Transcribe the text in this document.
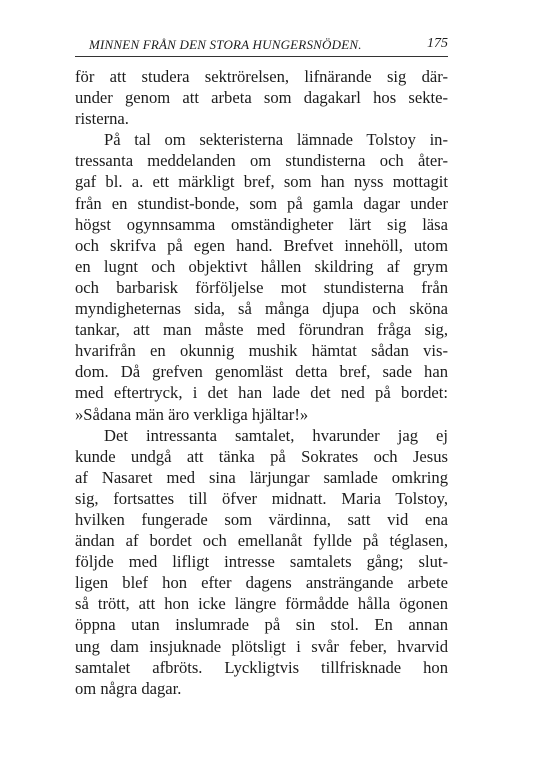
MINNEN FRÅN DEN STORA HUNGERSNÖDEN.	175
för att studera sektrörelsen, lifnärande sig där-
under genom att arbeta som dagakarl hos sekte-
risterna.
På tal om sekteristerna lämnade Tolstoy in-
tressanta meddelanden om stundisterna och åter-
gaf bl. a. ett märkligt bref, som han nyss mottagit
från en stundist-bonde, som på gamla dagar under
högst ogynnsamma omständigheter lärt sig läsa
och skrifva på egen hand. Brefvet innehöll, utom
en lugnt och objektivt hållen skildring af grym
och barbarisk förföljelse mot stundisterna från
myndigheternas sida, så många djupa och sköna
tankar, att man måste med förundran fråga sig,
hvarifrån en okunnig mushik hämtat sådan vis-
dom. Då grefven genomläst detta bref, sade han
med eftertryck, i det han lade det ned på bordet:
»Sådana män äro verkliga hjältar!»
Det intressanta samtalet, hvarunder jag ej
kunde undgå att tänka på Sokrates och Jesus
af Nasaret med sina lärjungar samlade omkring
sig, fortsattes till öfver midnatt. Maria Tolstoy,
hvilken fungerade som värdinna, satt vid ena
ändan af bordet och emellanåt fyllde på téglasen,
följde med lifligt intresse samtalets gång; slut-
ligen blef hon efter dagens ansträngande arbete
så trött, att hon icke längre förmådde hålla ögonen
öppna utan inslumrade på sin stol. En annan
ung dam insjuknade plötsligt i svår feber, hvarvid
samtalet afbröts. Lyckligtvis tillfrisknade hon
om några dagar.
